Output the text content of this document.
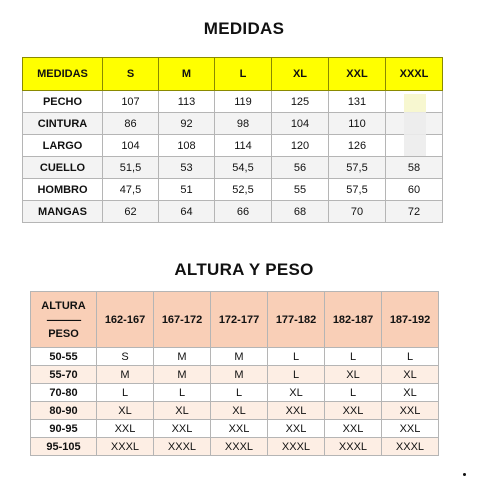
MEDIDAS
MEDIDAS	S	M	L	XL	XXL	XXXL
PECHO	107	113	119	125	131	
CINTURA	86	92	98	104	110	
LARGO	104	108	114	120	126	
CUELLO	51,5	53	54,5	56	57,5	58
HOMBRO	47,5	51	52,5	55	57,5	60
MANGAS	62	64	66	68	70	72
ALTURA Y PESO
ALTURA
-----------------
PESO	162-167	167-172	172-177	177-182	182-187	187-192
50-55	S	M	M	L	L	L
55-70	M	M	M	L	XL	XL
70-80	L	L	L	XL	L	XL
80-90	XL	XL	XL	XXL	XXL	XXL
90-95	XXL	XXL	XXL	XXL	XXL	XXL
95-105	XXXL	XXXL	XXXL	XXXL	XXXL	XXXL
